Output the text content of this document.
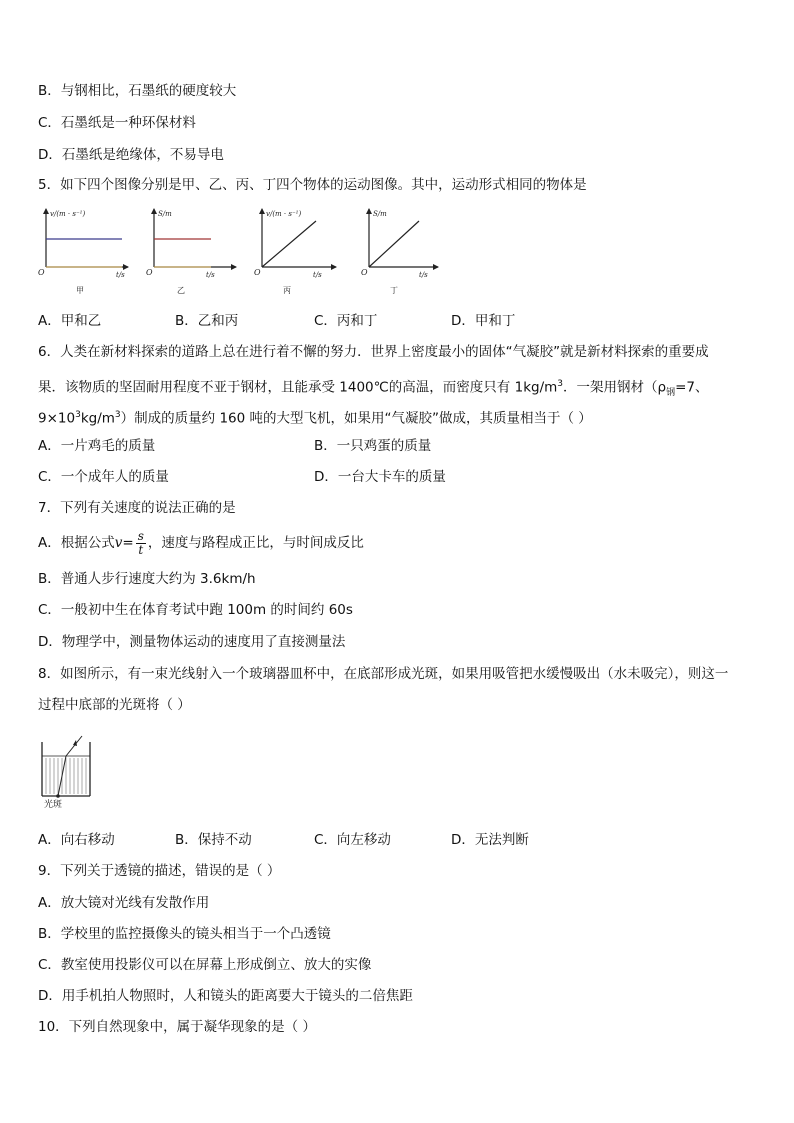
B．与钢相比，石墨纸的硬度较大
C．石墨纸是一种环保材料
D．石墨纸是绝缘体，不易导电
5．如下四个图像分别是甲、乙、丙、丁四个物体的运动图像。其中，运动形式相同的物体是
v/(m · s⁻¹)
t/s
O
S/m
t/s
O
v/(m · s⁻¹)
t/s
O
S/m
t/s
O
甲	乙	丙	丁
A．甲和乙	B．乙和丙	C．丙和丁	D．甲和丁
6．人类在新材料探索的道路上总在进行着不懈的努力．世界上密度最小的固体“气凝胶”就是新材料探索的重要成
果．该物质的坚固耐用程度不亚于钢材，且能承受 1400℃的高温，而密度只有 $1kg/m^3$．一架用钢材（$\rho_钢=7$、
$9\times 10^3kg/m^3$）制成的质量约 160 吨的大型飞机，如果用“气凝胶”做成，其质量相当于（ ）
A．一片鸡毛的质量	B．一只鸡蛋的质量
C．一个成年人的质量	D．一台大卡车的质量
7．下列有关速度的说法正确的是
A．根据公式$v= \frac{s}{t}$ ，速度与路程成正比，与时间成反比
B．普通人步行速度大约为 3.6km/h
C．一般初中生在体育考试中跑 100m 的时间约 60s
D．物理学中，测量物体运动的速度用了直接测量法
8．如图所示，有一束光线射入一个玻璃器皿杯中，在底部形成光斑，如果用吸管把水缓慢吸出（水未吸完），则这一
过程中底部的光斑将（ ）
光斑
A．向右移动	B．保持不动	C．向左移动	D．无法判断
9．下列关于透镜的描述，错误的是（ ）
A．放大镜对光线有发散作用
B．学校里的监控摄像头的镜头相当于一个凸透镜
C．教室使用投影仪可以在屏幕上形成倒立、放大的实像
D．用手机拍人物照时，人和镜头的距离要大于镜头的二倍焦距
10．下列自然现象中，属于凝华现象的是（ ）
